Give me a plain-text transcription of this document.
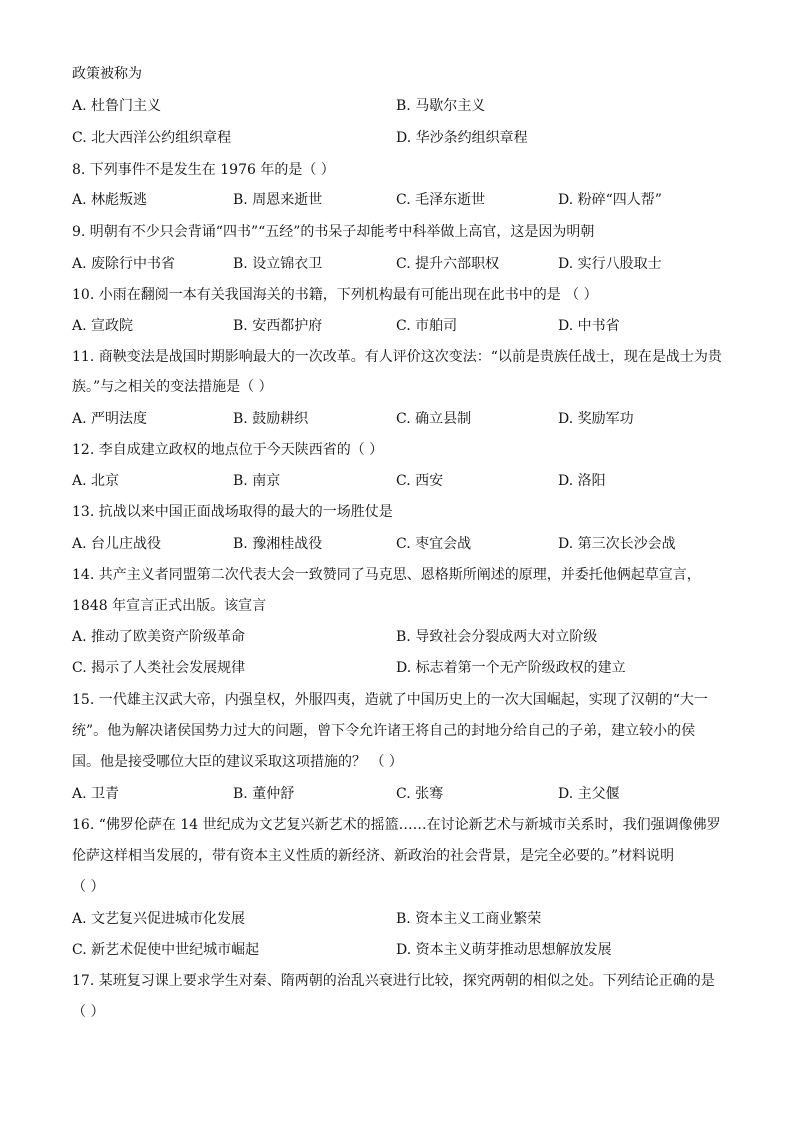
政策被称为
A. 杜鲁门主义	B. 马歇尔主义
C. 北大西洋公约组织章程	D. 华沙条约组织章程
8. 下列事件不是发生在 1976 年的是（ ）
A. 林彪叛逃	B. 周恩来逝世	C. 毛泽东逝世	D. 粉碎“四人帮”
9. 明朝有不少只会背诵“四书”“五经”的书呆子却能考中科举做上高官，这是因为明朝
A. 废除行中书省	B. 设立锦衣卫	C. 提升六部职权	D. 实行八股取士
10. 小雨在翻阅一本有关我国海关的书籍，下列机构最有可能出现在此书中的是 （ ）
A. 宣政院	B. 安西都护府	C. 市舶司	D. 中书省
11. 商鞅变法是战国时期影响最大的一次改革。有人评价这次变法：“以前是贵族任战士，现在是战士为贵
族。”与之相关的变法措施是（ ）
A. 严明法度	B. 鼓励耕织	C. 确立县制	D. 奖励军功
12. 李自成建立政权的地点位于今天陕西省的（ ）
A. 北京	B. 南京	C. 西安	D. 洛阳
13. 抗战以来中国正面战场取得的最大的一场胜仗是
A. 台儿庄战役	B. 豫湘桂战役	C. 枣宜会战	D. 第三次长沙会战
14. 共产主义者同盟第二次代表大会一致赞同了马克思、恩格斯所阐述的原理，并委托他俩起草宣言，
1848 年宣言正式出版。该宣言
A. 推动了欧美资产阶级革命	B. 导致社会分裂成两大对立阶级
C. 揭示了人类社会发展规律	D. 标志着第一个无产阶级政权的建立
15. 一代雄主汉武大帝，内强皇权，外服四夷，造就了中国历史上的一次大国崛起，实现了汉朝的“大一
统”。他为解决诸侯国势力过大的问题，曾下令允许诸王将自己的封地分给自己的子弟，建立较小的侯
国。他是接受哪位大臣的建议采取这项措施的？ （ ）
A. 卫青	B. 董仲舒	C. 张骞	D. 主父偃
16. “佛罗伦萨在 14 世纪成为文艺复兴新艺术的摇篮……在讨论新艺术与新城市关系时，我们强调像佛罗
伦萨这样相当发展的，带有资本主义性质的新经济、新政治的社会背景，是完全必要的。”材料说明
（ ）
A. 文艺复兴促进城市化发展	B. 资本主义工商业繁荣
C. 新艺术促使中世纪城市崛起	D. 资本主义萌芽推动思想解放发展
17. 某班复习课上要求学生对秦、隋两朝的治乱兴衰进行比较，探究两朝的相似之处。下列结论正确的是
（ ）
